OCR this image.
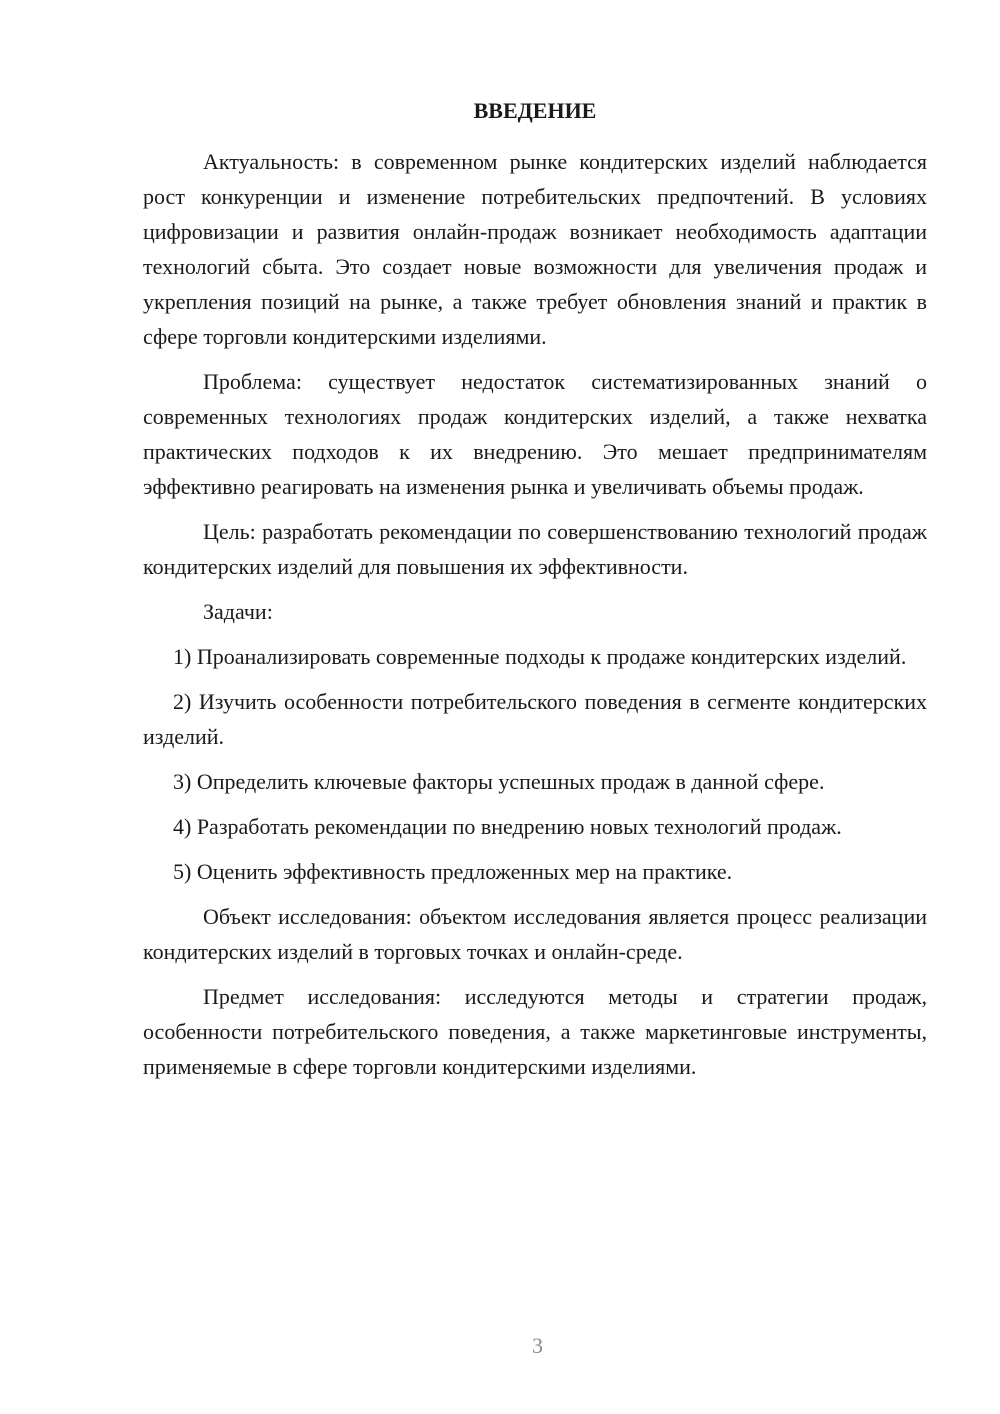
ВВЕДЕНИЕ

Актуальность: в современном рынке кондитерских изделий наблюдается рост конкуренции и изменение потребительских предпочтений. В условиях цифровизации и развития онлайн-продаж возникает необходимость адаптации технологий сбыта. Это создает новые возможности для увеличения продаж и укрепления позиций на рынке, а также требует обновления знаний и практик в сфере торговли кондитерскими изделиями.

Проблема: существует недостаток систематизированных знаний о современных технологиях продаж кондитерских изделий, а также нехватка практических подходов к их внедрению. Это мешает предпринимателям эффективно реагировать на изменения рынка и увеличивать объемы продаж.

Цель: разработать рекомендации по совершенствованию технологий продаж кондитерских изделий для повышения их эффективности.

Задачи:

1) Проанализировать современные подходы к продаже кондитерских изделий.

2) Изучить особенности потребительского поведения в сегменте кондитерских изделий.

3) Определить ключевые факторы успешных продаж в данной сфере.

4) Разработать рекомендации по внедрению новых технологий продаж.

5) Оценить эффективность предложенных мер на практике.

Объект исследования: объектом исследования является процесс реализации кондитерских изделий в торговых точках и онлайн-среде.

Предмет исследования: исследуются методы и стратегии продаж, особенности потребительского поведения, а также маркетинговые инструменты, применяемые в сфере торговли кондитерскими изделиями.

3
